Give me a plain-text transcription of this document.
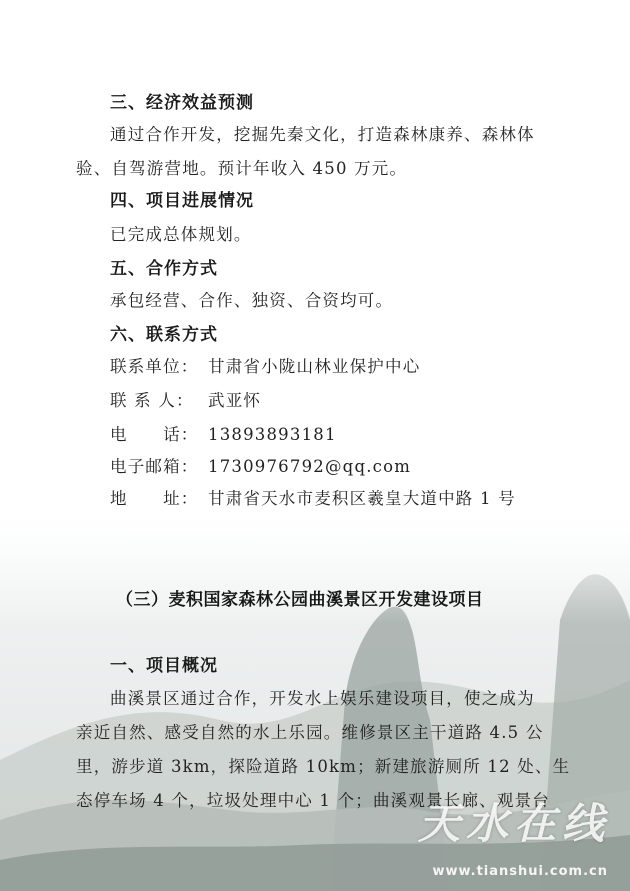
三、经济效益预测
通过合作开发，挖掘先秦文化，打造森林康养、森林体
验、自驾游营地。预计年收入 450 万元。
四、项目进展情况
已完成总体规划。
五、合作方式
承包经营、合作、独资、合资均可。
六、联系方式
联系单位： 甘肃省小陇山林业保护中心
联 系 人： 武亚怀
电　　话： 13893893181
电子邮箱： 1730976792@qq.com
地　　址： 甘肃省天水市麦积区羲皇大道中路 1 号
（三）麦积国家森林公园曲溪景区开发建设项目
一、项目概况
曲溪景区通过合作，开发水上娱乐建设项目，使之成为
亲近自然、感受自然的水上乐园。维修景区主干道路 4.5 公
里，游步道 3km，探险道路 10km；新建旅游厕所 12 处、生
态停车场 4 个，垃圾处理中心 1 个；曲溪观景长廊、观景台
天水在线
www.tianshui.com.cn
